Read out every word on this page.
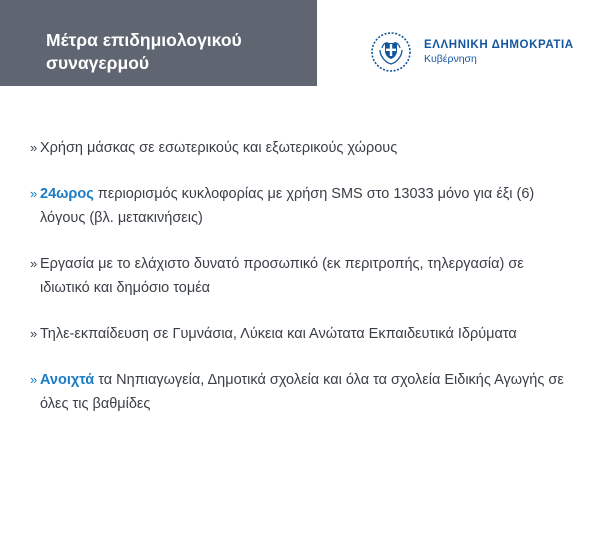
Μέτρα επιδημιολογικού
συναγερμού
ΕΛΛΗΝΙΚΗ ΔΗΜΟΚΡΑΤΙΑ
Κυβέρνηση
» Χρήση μάσκας σε εσωτερικούς και εξωτερικούς χώρους
» 24ωρος περιορισμός κυκλοφορίας με χρήση SMS στο 13033 μόνο για έξι (6) λόγους (βλ. μετακινήσεις)
» Εργασία με το ελάχιστο δυνατό προσωπικό (εκ περιτροπής, τηλεργασία) σε ιδιωτικό και δημόσιο τομέα
» Τηλε-εκπαίδευση σε Γυμνάσια, Λύκεια και Ανώτατα Εκπαιδευτικά Ιδρύματα
» Ανοιχτά τα Νηπιαγωγεία, Δημοτικά σχολεία και όλα τα σχολεία Ειδικής Αγωγής σε όλες τις βαθμίδες
